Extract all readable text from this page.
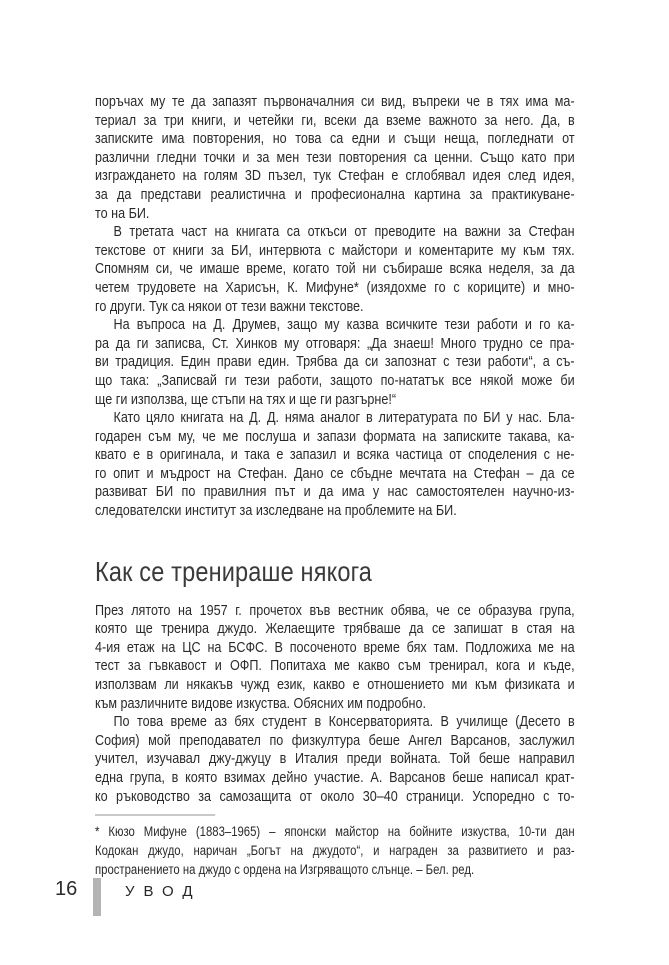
поръчах му те да запазят първоначалния си вид, въпреки че в тях има ма-
териал за три книги, и четейки ги, всеки да вземе важното за него. Да, в
записките има повторения, но това са едни и същи неща, погледнати от
различни гледни точки и за мен тези повторения са ценни. Също като при
изграждането на голям 3D пъзел, тук Стефан е сглобявал идея след идея,
за да представи реалистична и професионална картина за практикуване-
то на БИ.
В третата част на книгата са откъси от преводите на важни за Стефан
текстове от книги за БИ, интервюта с майстори и коментарите му към тях.
Спомням си, че имаше време, когато той ни събираше всяка неделя, за да
четем трудовете на Харисън, К. Мифуне* (изядохме го с кориците) и мно-
го други. Тук са някои от тези важни текстове.
На въпроса на Д. Друмев, защо му казва всичките тези работи и го ка-
ра да ги записва, Ст. Хинков му отговаря: „Да знаеш! Много трудно се пра-
ви традиция. Един прави един. Трябва да си запознат с тези работи“, а съ-
що така: „Записвай ги тези работи, защото по-нататък все някой може би
ще ги използва, ще стъпи на тях и ще ги разгърне!“
Като цяло книгата на Д. Д. няма аналог в литературата по БИ у нас. Бла-
годарен съм му, че ме послуша и запази формата на записките такава, ка-
квато е в оригинала, и така е запазил и всяка частица от споделения с не-
го опит и мъдрост на Стефан. Дано се сбъдне мечтата на Стефан – да се
развиват БИ по правилния път и да има у нас самостоятелен научно-из-
следователски институт за изследване на проблемите на БИ.
Как се тренираше някога
През лятото на 1957 г. прочетох във вестник обява, че се образува група,
която ще тренира джудо. Желаещите трябваше да се запишат в стая на
4-ия етаж на ЦС на БСФС. В посоченото време бях там. Подложиха ме на
тест за гъвкавост и ОФП. Попитаха ме какво съм тренирал, кога и къде,
използвам ли някакъв чужд език, какво е отношението ми към физиката и
към различните видове изкуства. Обясних им подробно.
По това време аз бях студент в Консерваторията. В училище (Десето в
София) мой преподавател по физкултура беше Ангел Варсанов, заслужил
учител, изучавал джу-джуцу в Италия преди войната. Той беше направил
една група, в която взимах дейно участие. А. Варсанов беше написал крат-
ко ръководство за самозащита от около 30–40 страници. Успоредно с то-
* Кюзо Мифуне (1883–1965) – японски майстор на бойните изкуства, 10-ти дан
Кодокан джудо, наричан „Богът на джудото“, и награден за развитието и раз-
пространението на джудо с ордена на Изгряващото слънце. – Бел. ред.
16	УВОД
